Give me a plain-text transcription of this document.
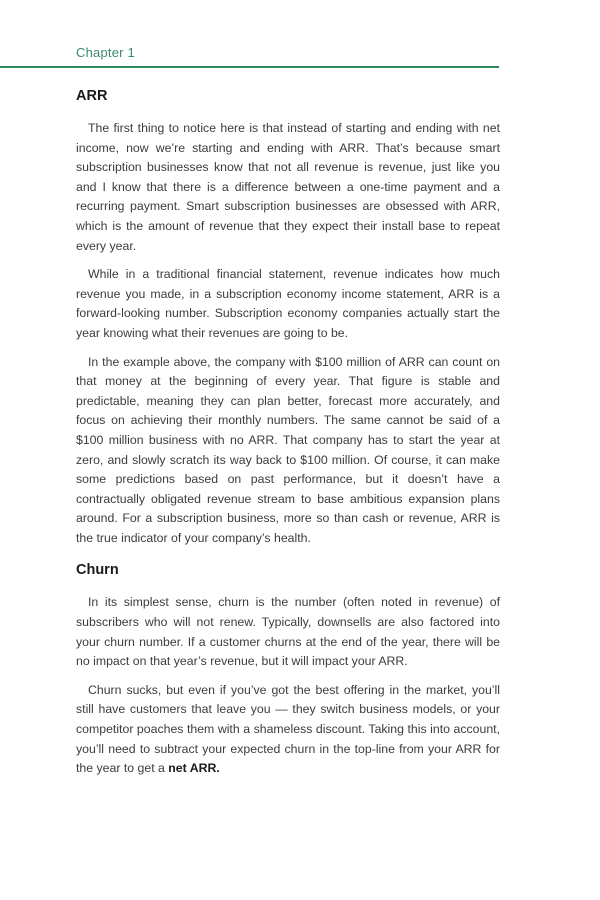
Chapter 1
ARR

The first thing to notice here is that instead of starting and ending with net income, now we’re starting and ending with ARR. That’s because smart subscription businesses know that not all revenue is revenue, just like you and I know that there is a difference between a one-time payment and a recurring payment. Smart subscription businesses are obsessed with ARR, which is the amount of revenue that they expect their install base to repeat every year.

While in a traditional financial statement, revenue indicates how much revenue you made, in a subscription economy income statement, ARR is a forward-looking number. Subscription economy companies actually start the year knowing what their revenues are going to be.

In the example above, the company with $100 million of ARR can count on that money at the beginning of every year. That figure is stable and predictable, meaning they can plan better, forecast more accurately, and focus on achieving their monthly numbers. The same cannot be said of a $100 million business with no ARR. That company has to start the year at zero, and slowly scratch its way back to $100 million. Of course, it can make some predictions based on past performance, but it doesn’t have a contractually obligated revenue stream to base ambitious expansion plans around. For a subscription business, more so than cash or revenue, ARR is the true indicator of your company’s health.

Churn

In its simplest sense, churn is the number (often noted in revenue) of subscribers who will not renew. Typically, downsells are also factored into your churn number. If a customer churns at the end of the year, there will be no impact on that year’s revenue, but it will impact your ARR.

Churn sucks, but even if you’ve got the best offering in the market, you’ll still have customers that leave you — they switch business models, or your competitor poaches them with a shameless discount. Taking this into account, you’ll need to subtract your expected churn in the top-line from your ARR for the year to get a net ARR.
